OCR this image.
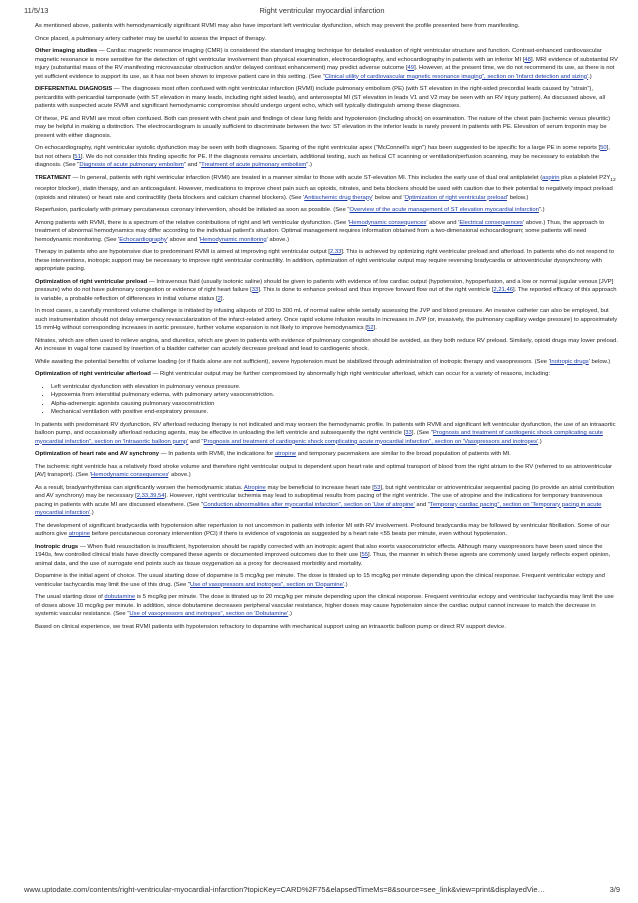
11/5/13	Right ventricular myocardial infarction

As mentioned above, patients with hemodynamically significant RVMI may also have important left ventricular dysfunction, which may prevent the profile presented here from manifesting.

Once placed, a pulmonary artery catheter may be useful to assess the impact of therapy.

Other imaging studies — Cardiac magnetic resonance imaging (CMR) is considered the standard imaging technique for detailed evaluation of right ventricular structure and function. Contrast-enhanced cardiovascular magnetic resonance is more sensitive for the detection of right ventricular involvement than physical examination, electrocardiography, and echocardiography in patients with an inferior MI [48]. MRI evidence of substantial RV injury (substantial mass of the RV manifesting microvascular obstruction and/or delayed contrast enhancement) may predict adverse outcome [49]. However, at the present time, we do not recommend its use, as there is not yet sufficient evidence to support its use, as it has not been shown to improve patient care in this setting. (See "Clinical utility of cardiovascular magnetic resonance imaging", section on 'Infarct detection and sizing'.)

DIFFERENTIAL DIAGNOSIS — The diagnoses most often confused with right ventricular infarction (RVMI) include pulmonary embolism (PE) (with ST elevation in the right-sided precordial leads caused by "strain"), pericarditis with pericardial tamponade (with ST elevation in many leads, including right sided leads), and anteroseptal MI (ST elevation in leads V1 and V2 may be seen with an RV injury pattern). As discussed above, all patients with suspected acute RVMI and significant hemodynamic compromise should undergo urgent echo, which will typically distinguish among these diagnoses.

Of these, PE and RVMI are most often confused. Both can present with chest pain and findings of clear lung fields and hypotension (including shock) on examination. The nature of the chest pain (ischemic versus pleuritic) may be helpful in making a distinction. The electrocardiogram is usually sufficient to discriminate between the two: ST elevation in the inferior leads is rarely present in patients with PE. Elevation of serum troponin may be present with either diagnosis.

On echocardiography, right ventricular systolic dysfunction may be seen with both diagnoses. Sparing of the right ventricular apex ("McConnell's sign") has been suggested to be specific for a large PE in some reports [50], but not others [51]. We do not consider this finding specific for PE. If the diagnosis remains uncertain, additional testing, such as helical CT scanning or ventilation/perfusion scanning, may be necessary to establish the diagnosis. (See "Diagnosis of acute pulmonary embolism" and "Treatment of acute pulmonary embolism".)

TREATMENT — In general, patients with right ventricular infarction (RVMI) are treated in a manner similar to those with acute ST-elevation MI. This includes the early use of dual oral antiplatelet (aspirin plus a platelet $P2Y_{12}$ receptor blocker), statin therapy, and an anticoagulant. However, medications to improve chest pain such as opioids, nitrates, and beta blockers should be used with caution due to their potential to negatively impact preload (opioids and nitrates) or heart rate and contractility (beta blockers and calcium channel blockers). (See 'Antiischemic drug therapy' below and 'Optimization of right ventricular preload' below.)

Reperfusion, particularly with primary percutaneous coronary intervention, should be initiated as soon as possible. (See "Overview of the acute management of ST elevation myocardial infarction".)

Among patients with RVMI, there is a spectrum of the relative contributions of right and left ventricular dysfunction. (See 'Hemodynamic consequences' above and 'Electrical consequences' above.) Thus, the approach to treatment of abnormal hemodynamics may differ according to the individual patient's situation. Optimal management requires information obtained from a two-dimensional echocardiogram; some patients will need hemodynamic monitoring. (See 'Echocardiography' above and 'Hemodynamic monitoring' above.)

Therapy in patients who are hypotensive due to predominant RVMI is aimed at improving right ventricular output [2,33]. This is achieved by optimizing right ventricular preload and afterload. In patients who do not respond to these interventions, inotropic support may be necessary to improve right ventricular contractility. In addition, optimization of right ventricular output may require reversing bradycardia or atrioventricular dyssynchrony with appropriate pacing.

Optimization of right ventricular preload — Intravenous fluid (usually isotonic saline) should be given to patients with evidence of low cardiac output (hypotension, hypoperfusion, and a low or normal jugular venous [JVP] pressure) who do not have pulmonary congestion or evidence of right heart failure [33]. This is done to enhance preload and thus improve forward flow out of the right ventricle [2,21,46]. The reported efficacy of this approach is variable, a probable reflection of differences in initial volume status [2].

In most cases, a carefully monitored volume challenge is initiated by infusing aliquots of 200 to 300 mL of normal saline while serially assessing the JVP and blood pressure. An invasive catheter can also be employed, but such instrumentation should not delay emergency revascularization of the infarct-related artery. Once rapid volume infusion results in increases in JVP (or, invasively, the pulmonary capillary wedge pressure) to approximately 15 mmHg without corresponding increases in aortic pressure, further volume expansion is not likely to improve hemodynamics [52].

Nitrates, which are often used to relieve angina, and diuretics, which are given to patients with evidence of pulmonary congestion should be avoided, as they both reduce RV preload. Similarly, opioid drugs may lower preload. An increase in vagal tone caused by insertion of a bladder catheter can acutely decrease preload and lead to cardiogenic shock.

While awaiting the potential benefits of volume loading (or if fluids alone are not sufficient), severe hypotension must be stabilized through administration of inotropic therapy and vasopressors. (See 'Inotropic drugs' below.)

Optimization of right ventricular afterload — Right ventricular output may be further compromised by abnormally high right ventricular afterload, which can occur for a variety of reasons, including:

• Left ventricular dysfunction with elevation in pulmonary venous pressure.
• Hypoxemia from interstitial pulmonary edema, with pulmonary artery vasoconstriction.
• Alpha-adrenergic agonists causing pulmonary vasoconstriction
• Mechanical ventilation with positive end-expiratory pressure.

In patients with predominant RV dysfunction, RV afterload reducing therapy is not indicated and may worsen the hemodynamic profile. In patients with RVMI and significant left ventricular dysfunction, the use of an intraaortic balloon pump, and occasionally afterload reducing agents, may be effective in unloading the left ventricle and subsequently the right ventricle [33]. (See "Prognosis and treatment of cardiogenic shock complicating acute myocardial infarction", section on 'Intraaortic balloon pump' and "Prognosis and treatment of cardiogenic shock complicating acute myocardial infarction", section on 'Vasopressors and inotropes'.)

Optimization of heart rate and AV synchrony — In patients with RVMI, the indications for atropine and temporary pacemakers are similar to the broad population of patients with MI.

The ischemic right ventricle has a relatively fixed stroke volume and therefore right ventricular output is dependent upon heart rate and optimal transport of blood from the right atrium to the RV (referred to as atrioventricular [AV] transport). (See 'Hemodynamic consequences' above.)

As a result, bradyarrhythmias can significantly worsen the hemodynamic status. Atropine may be beneficial to increase heart rate [53], but right ventricular or atrioventricular sequential pacing (to provide an atrial contribution and AV synchrony) may be necessary [2,33,39,54]. However, right ventricular ischemia may lead to suboptimal results from pacing of the right ventricle. The use of atropine and the indications for temporary transvenous pacing in patients with acute MI are discussed elsewhere. (See "Conduction abnormalities after myocardial infarction", section on 'Use of atropine' and "Temporary cardiac pacing", section on 'Temporary pacing in acute myocardial infarction'.)

The development of significant bradycardia with hypotension after reperfusion is not uncommon in patients with inferior MI with RV involvement. Profound bradycardia may be followed by ventricular fibrillation. Some of our authors give atropine before percutaneous coronary intervention (PCI) if there is evidence of vagotonia as suggested by a heart rate <55 beats per minute, even without hypotension.

Inotropic drugs — When fluid resuscitation is insufficient, hypotension should be rapidly corrected with an inotropic agent that also exerts vasoconstrictor effects. Although many vasopressors have been used since the 1940s, few controlled clinical trials have directly compared these agents or documented improved outcomes due to their use [55]. Thus, the manner in which these agents are commonly used largely reflects expert opinion, animal data, and the use of surrogate end points such as tissue oxygenation as a proxy for decreased morbidity and mortality.

Dopamine is the initial agent of choice. The usual starting dose of dopamine is 5 mcg/kg per minute. The dose is titrated up to 15 mcg/kg per minute depending upon the clinical response. Frequent ventricular ectopy and ventricular tachycardia may limit the use of this drug. (See "Use of vasopressors and inotropes", section on 'Dopamine'.)

The usual starting dose of dobutamine is 5 mcg/kg per minute. The dose is titrated up to 20 mcg/kg per minute depending upon the clinical response. Frequent ventricular ectopy and ventricular tachycardia may limit the use of doses above 10 mcg/kg per minute. In addition, since dobutamine decreases peripheral vascular resistance, higher doses may cause hypotension since the cardiac output cannot increase to match the decrease in systemic vascular resistance. (See "Use of vasopressors and inotropes", section on 'Dobutamine'.)

Based on clinical experience, we treat RVMI patients with hypotension refractory to dopamine with mechanical support using an intraaortic balloon pump or direct RV support device.

www.uptodate.com/contents/right-ventricular-myocardial-infarction?topicKey=CARD%2F75&elapsedTimeMs=8&source=see_link&view=print&displayedVie…	3/9
